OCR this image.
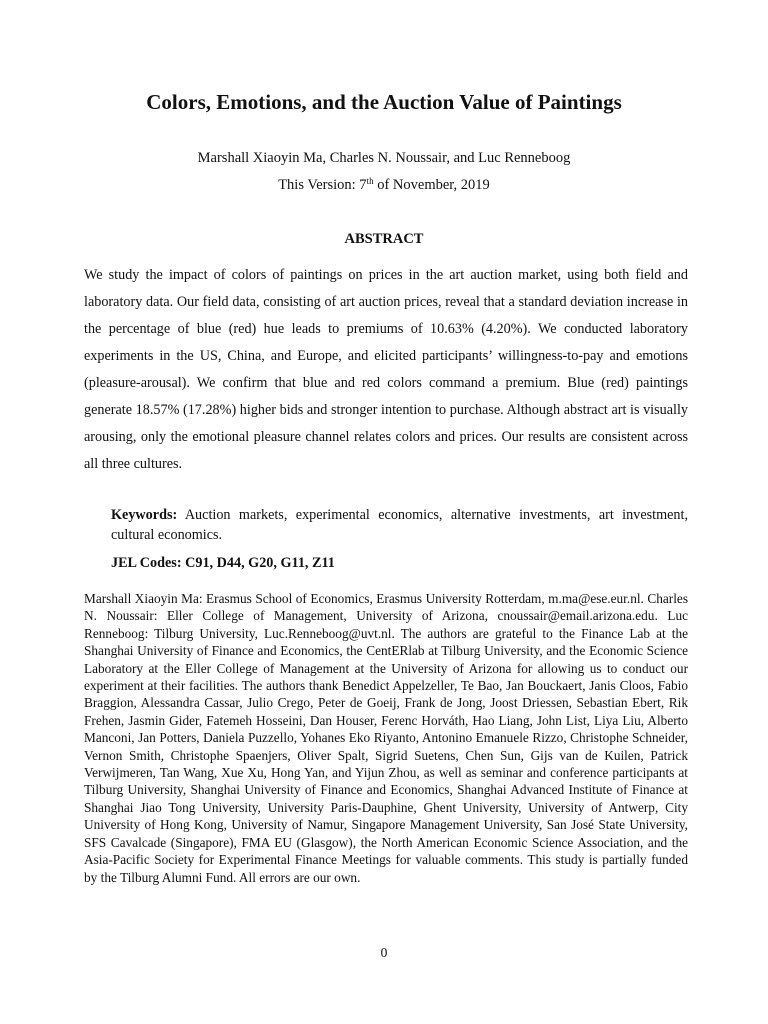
Colors, Emotions, and the Auction Value of Paintings

Marshall Xiaoyin Ma, Charles N. Noussair, and Luc Renneboog

This Version: 7th of November, 2019

ABSTRACT

We study the impact of colors of paintings on prices in the art auction market, using both field and laboratory data. Our field data, consisting of art auction prices, reveal that a standard deviation increase in the percentage of blue (red) hue leads to premiums of 10.63% (4.20%). We conducted laboratory experiments in the US, China, and Europe, and elicited participants’ willingness-to-pay and emotions (pleasure-arousal). We confirm that blue and red colors command a premium. Blue (red) paintings generate 18.57% (17.28%) higher bids and stronger intention to purchase. Although abstract art is visually arousing, only the emotional pleasure channel relates colors and prices. Our results are consistent across all three cultures.

Keywords: Auction markets, experimental economics, alternative investments, art investment, cultural economics.

JEL Codes: C91, D44, G20, G11, Z11

Marshall Xiaoyin Ma: Erasmus School of Economics, Erasmus University Rotterdam, m.ma@ese.eur.nl. Charles N. Noussair: Eller College of Management, University of Arizona, cnoussair@email.arizona.edu. Luc Renneboog: Tilburg University, Luc.Renneboog@uvt.nl. The authors are grateful to the Finance Lab at the Shanghai University of Finance and Economics, the CentERlab at Tilburg University, and the Economic Science Laboratory at the Eller College of Management at the University of Arizona for allowing us to conduct our experiment at their facilities. The authors thank Benedict Appelzeller, Te Bao, Jan Bouckaert, Janis Cloos, Fabio Braggion, Alessandra Cassar, Julio Crego, Peter de Goeij, Frank de Jong, Joost Driessen, Sebastian Ebert, Rik Frehen, Jasmin Gider, Fatemeh Hosseini, Dan Houser, Ferenc Horváth, Hao Liang, John List, Liya Liu, Alberto Manconi, Jan Potters, Daniela Puzzello, Yohanes Eko Riyanto, Antonino Emanuele Rizzo, Christophe Schneider, Vernon Smith, Christophe Spaenjers, Oliver Spalt, Sigrid Suetens, Chen Sun, Gijs van de Kuilen, Patrick Verwijmeren, Tan Wang, Xue Xu, Hong Yan, and Yijun Zhou, as well as seminar and conference participants at Tilburg University, Shanghai University of Finance and Economics, Shanghai Advanced Institute of Finance at Shanghai Jiao Tong University, University Paris-Dauphine, Ghent University, University of Antwerp, City University of Hong Kong, University of Namur, Singapore Management University, San José State University, SFS Cavalcade (Singapore), FMA EU (Glasgow), the North American Economic Science Association, and the Asia-Pacific Society for Experimental Finance Meetings for valuable comments. This study is partially funded by the Tilburg Alumni Fund. All errors are our own.

0
